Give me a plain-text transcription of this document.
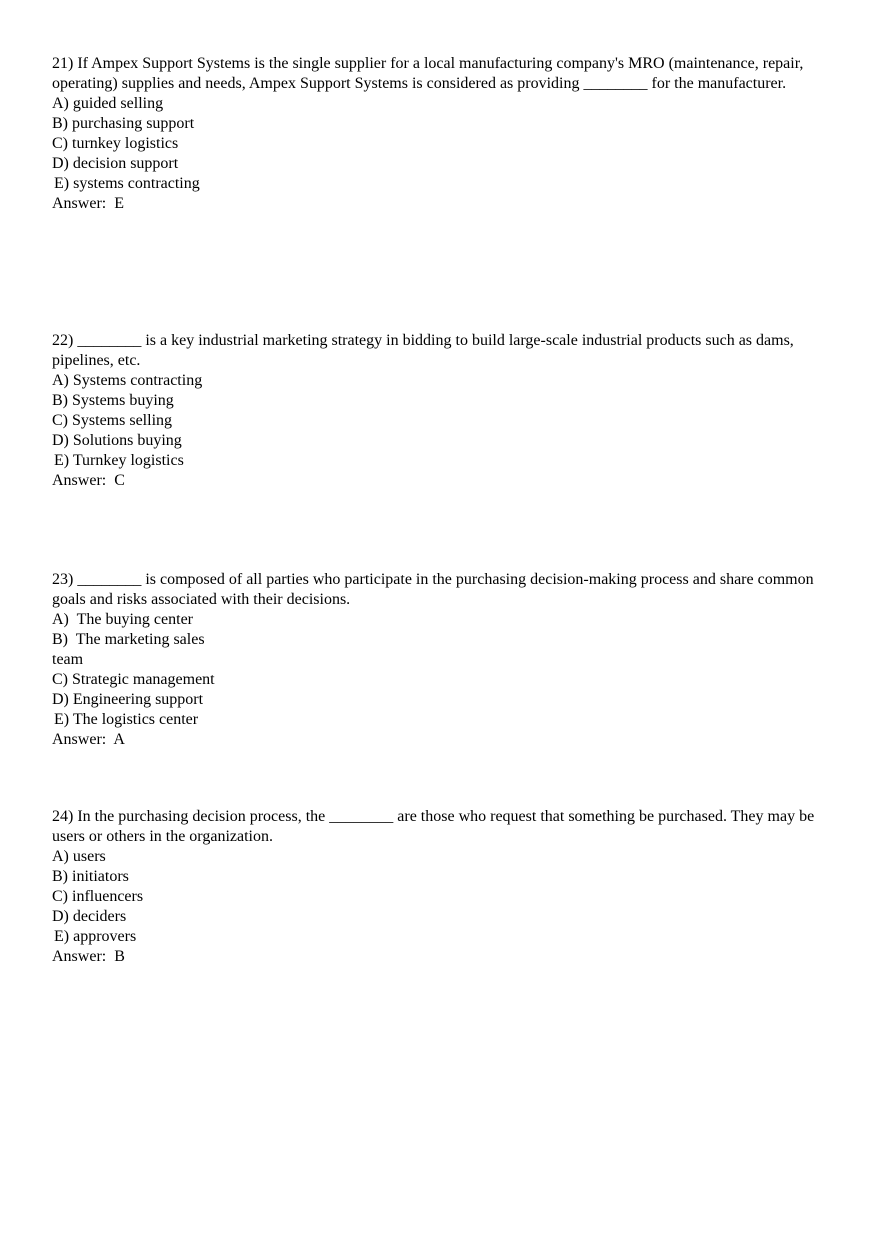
21) If Ampex Support Systems is the single supplier for a local manufacturing company's MRO (maintenance, repair, operating) supplies and needs, Ampex Support Systems is considered as providing ________ for the manufacturer.

A) guided selling

B) purchasing support

C) turnkey logistics

D) decision support

E) systems contracting

Answer:  E

22) ________ is a key industrial marketing strategy in bidding to build large-scale industrial products such as dams, pipelines, etc.

A) Systems contracting

B) Systems buying

C) Systems selling

D) Solutions buying

E) Turnkey logistics

Answer:  C

23) ________ is composed of all parties who participate in the purchasing decision-making process and share common goals and risks associated with their decisions.

A)  The buying center

B)  The marketing sales

team

C) Strategic management

D) Engineering support

E) The logistics center

Answer:  A

24) In the purchasing decision process, the ________ are those who request that something be purchased. They may be users or others in the organization.

A) users

B) initiators

C) influencers

D) deciders

E) approvers

Answer:  B
